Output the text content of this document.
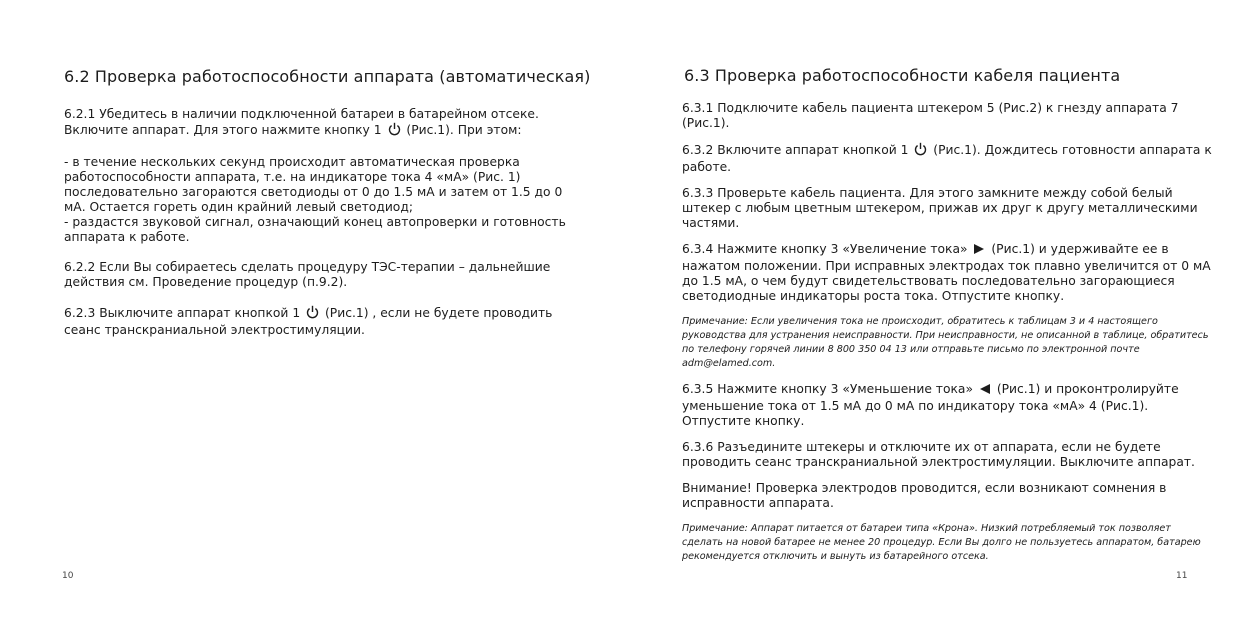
6.2 Проверка работоспособности аппарата (автоматическая)

6.2.1 Убедитесь в наличии подключенной батареи в батарейном отсеке. Включите аппарат. Для этого нажмите кнопку 1 (Рис.1). При этом:

- в течение нескольких секунд происходит автоматическая проверка работоспособности аппарата, т.е. на индикаторе тока 4 «мА» (Рис. 1) последовательно загораются светодиоды от 0 до 1.5 мА и затем от 1.5 до 0 мА. Остается гореть один крайний левый светодиод;

- раздастся звуковой сигнал, означающий конец автопроверки и готовность аппарата к работе.

6.2.2 Если Вы собираетесь сделать процедуру ТЭС-терапии – дальнейшие действия см. Проведение процедур (п.9.2).

6.2.3 Выключите аппарат кнопкой 1 (Рис.1) , если не будете проводить сеанс транскраниальной электростимуляции.

10
6.3 Проверка работоспособности кабеля пациента

6.3.1 Подключите кабель пациента штекером 5 (Рис.2) к гнезду аппарата 7 (Рис.1).

6.3.2 Включите аппарат кнопкой 1 (Рис.1). Дождитесь готовности аппарата к работе.

6.3.3 Проверьте кабель пациента. Для этого замкните между собой белый штекер с любым цветным штекером, прижав их друг к другу металлическими частями.

6.3.4 Нажмите кнопку 3 «Увеличение тока» (Рис.1) и удерживайте ее в нажатом положении. При исправных электродах ток плавно увеличится от 0 мА до 1.5 мА, о чем будут свидетельствовать последовательно загорающиеся светодиодные индикаторы роста тока. Отпустите кнопку.

Примечание: Если увеличения тока не происходит, обратитесь к таблицам 3 и 4 настоящего руководства для устранения неисправности. При неисправности, не описанной в таблице, обратитесь по телефону горячей линии 8 800 350 04 13 или отправьте письмо по электронной почте adm@elamed.com.

6.3.5 Нажмите кнопку 3 «Уменьшение тока» (Рис.1) и проконтролируйте уменьшение тока от 1.5 мА до 0 мА по индикатору тока «мА» 4 (Рис.1). Отпустите кнопку.

6.3.6 Разъедините штекеры и отключите их от аппарата, если не будете проводить сеанс транскраниальной электростимуляции. Выключите аппарат.

Внимание! Проверка электродов проводится, если возникают сомнения в исправности аппарата.

Примечание: Аппарат питается от батареи типа «Крона». Низкий потребляемый ток позволяет сделать на новой батарее не менее 20 процедур. Если Вы долго не пользуетесь аппаратом, батарею рекомендуется отключить и вынуть из батарейного отсека.

11
